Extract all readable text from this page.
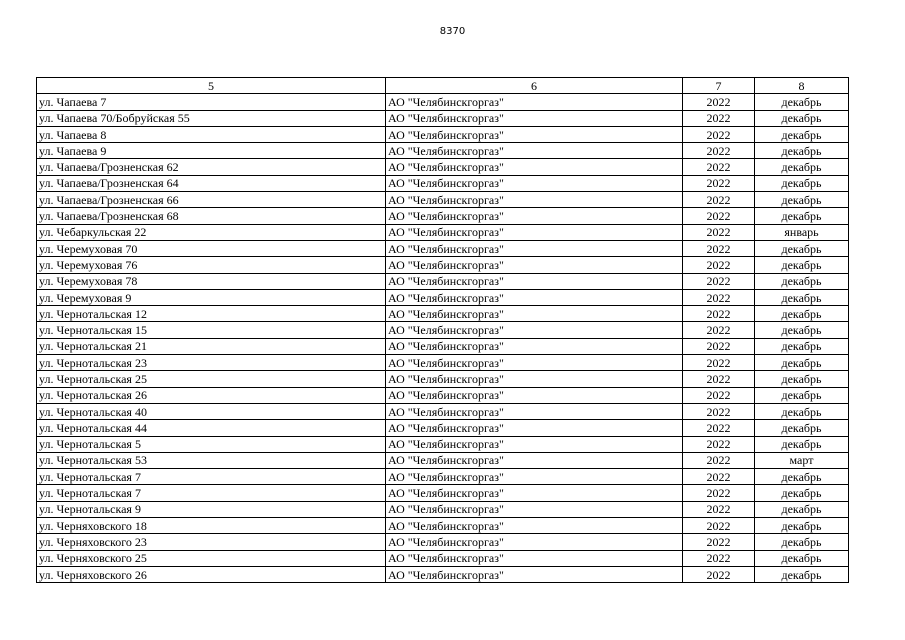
8370
5	6	7	8
ул. Чапаева 7	АО "Челябинскгоргаз"	2022	декабрь
ул. Чапаева 70/Бобруйская 55	АО "Челябинскгоргаз"	2022	декабрь
ул. Чапаева 8	АО "Челябинскгоргаз"	2022	декабрь
ул. Чапаева 9	АО "Челябинскгоргаз"	2022	декабрь
ул. Чапаева/Грозненская 62	АО "Челябинскгоргаз"	2022	декабрь
ул. Чапаева/Грозненская 64	АО "Челябинскгоргаз"	2022	декабрь
ул. Чапаева/Грозненская 66	АО "Челябинскгоргаз"	2022	декабрь
ул. Чапаева/Грозненская 68	АО "Челябинскгоргаз"	2022	декабрь
ул. Чебаркульская 22	АО "Челябинскгоргаз"	2022	январь
ул. Черемуховая 70	АО "Челябинскгоргаз"	2022	декабрь
ул. Черемуховая 76	АО "Челябинскгоргаз"	2022	декабрь
ул. Черемуховая 78	АО "Челябинскгоргаз"	2022	декабрь
ул. Черемуховая 9	АО "Челябинскгоргаз"	2022	декабрь
ул. Чернотальская 12	АО "Челябинскгоргаз"	2022	декабрь
ул. Чернотальская 15	АО "Челябинскгоргаз"	2022	декабрь
ул. Чернотальская 21	АО "Челябинскгоргаз"	2022	декабрь
ул. Чернотальская 23	АО "Челябинскгоргаз"	2022	декабрь
ул. Чернотальская 25	АО "Челябинскгоргаз"	2022	декабрь
ул. Чернотальская 26	АО "Челябинскгоргаз"	2022	декабрь
ул. Чернотальская 40	АО "Челябинскгоргаз"	2022	декабрь
ул. Чернотальская 44	АО "Челябинскгоргаз"	2022	декабрь
ул. Чернотальская 5	АО "Челябинскгоргаз"	2022	декабрь
ул. Чернотальская 53	АО "Челябинскгоргаз"	2022	март
ул. Чернотальская 7	АО "Челябинскгоргаз"	2022	декабрь
ул. Чернотальская 7	АО "Челябинскгоргаз"	2022	декабрь
ул. Чернотальская 9	АО "Челябинскгоргаз"	2022	декабрь
ул. Черняховского 18	АО "Челябинскгоргаз"	2022	декабрь
ул. Черняховского 23	АО "Челябинскгоргаз"	2022	декабрь
ул. Черняховского 25	АО "Челябинскгоргаз"	2022	декабрь
ул. Черняховского 26	АО "Челябинскгоргаз"	2022	декабрь
